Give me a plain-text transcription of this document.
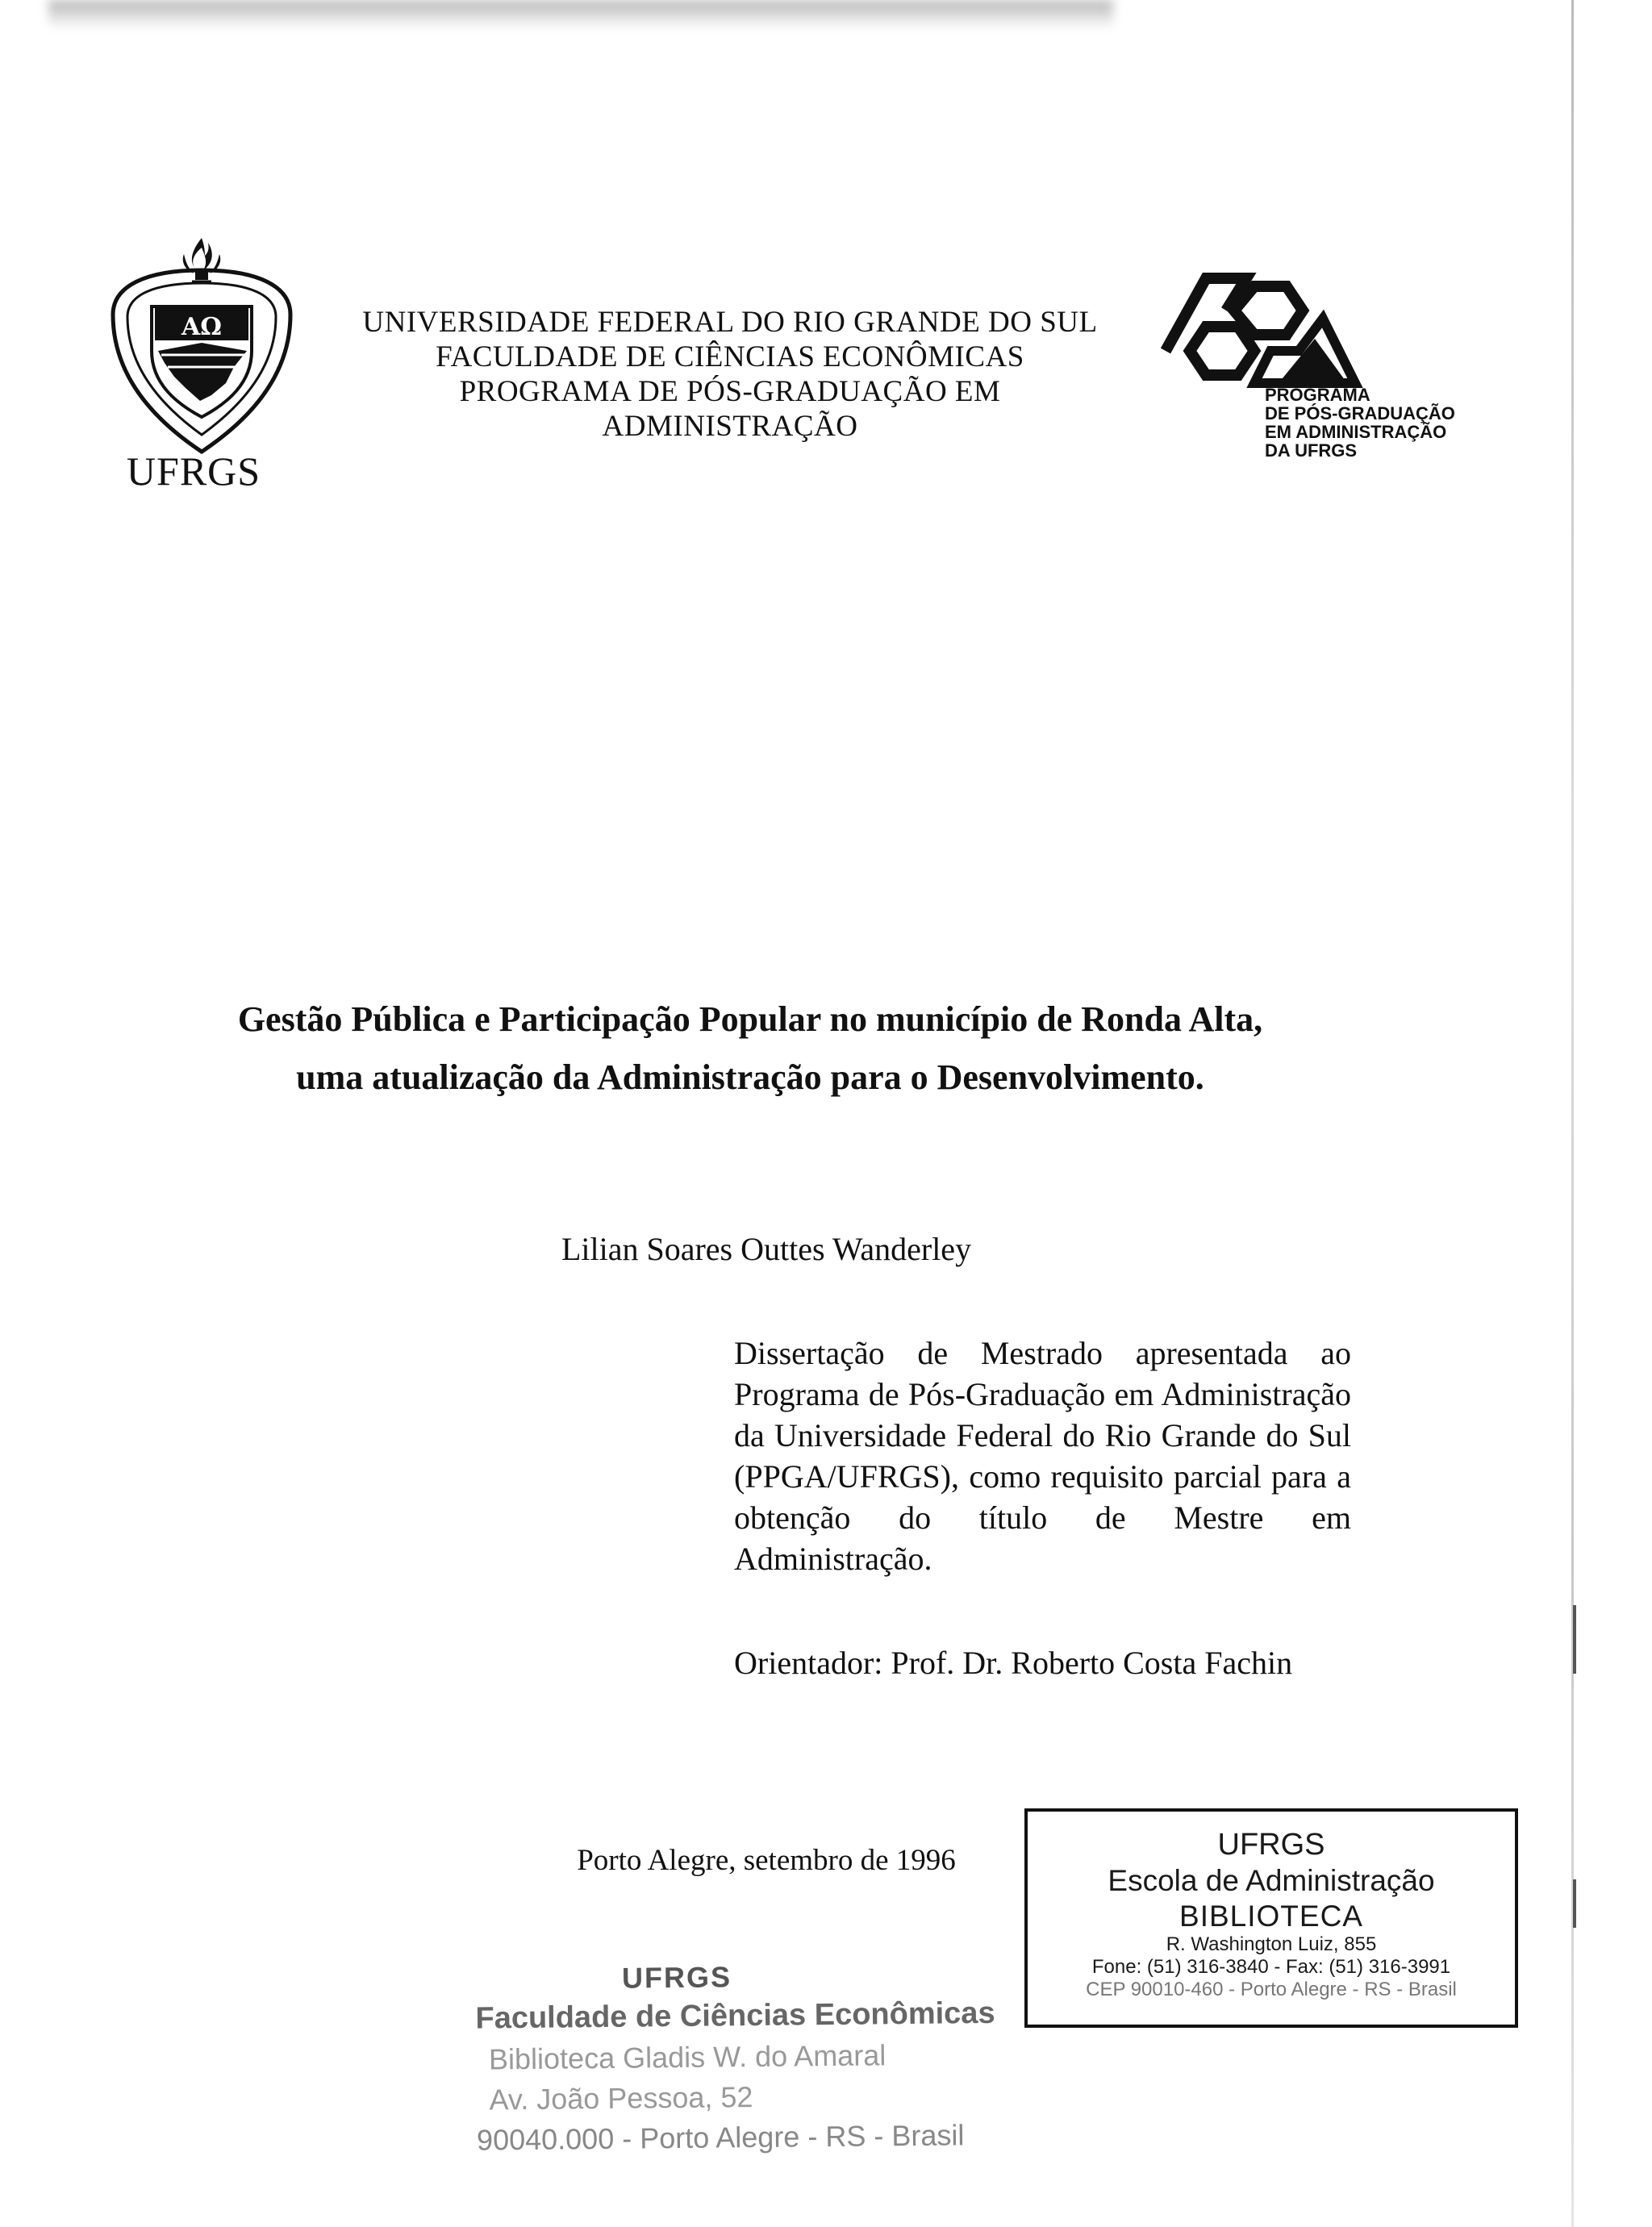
ΑΩ
UFRGS
UNIVERSIDADE FEDERAL DO RIO GRANDE DO SUL
FACULDADE DE CIÊNCIAS ECONÔMICAS
PROGRAMA DE PÓS-GRADUAÇÃO EM
ADMINISTRAÇÃO
PROGRAMA
DE PÓS-GRADUAÇÃO
EM ADMINISTRAÇÃO
DA UFRGS
Gestão Pública e Participação Popular no município de Ronda Alta,
uma atualização da Administração para o Desenvolvimento.
Lilian Soares Outtes Wanderley
Dissertação de Mestrado apresentada ao Programa de Pós-Graduação em Administração da Universidade Federal do Rio Grande do Sul (PPGA/UFRGS), como requisito parcial para a obtenção do título de Mestre em Administração.
Orientador: Prof. Dr. Roberto Costa Fachin
Porto Alegre, setembro de 1996	UFRGS
Escola de Administração
BIBLIOTECA
R. Washington Luiz, 855
Fone: (51) 316-3840 - Fax: (51) 316-3991
CEP 90010-460 - Porto Alegre - RS - Brasil
UFRGS
Faculdade de Ciências Econômicas
Biblioteca Gladis W. do Amaral
Av. João Pessoa, 52
90040.000 - Porto Alegre - RS - Brasil
